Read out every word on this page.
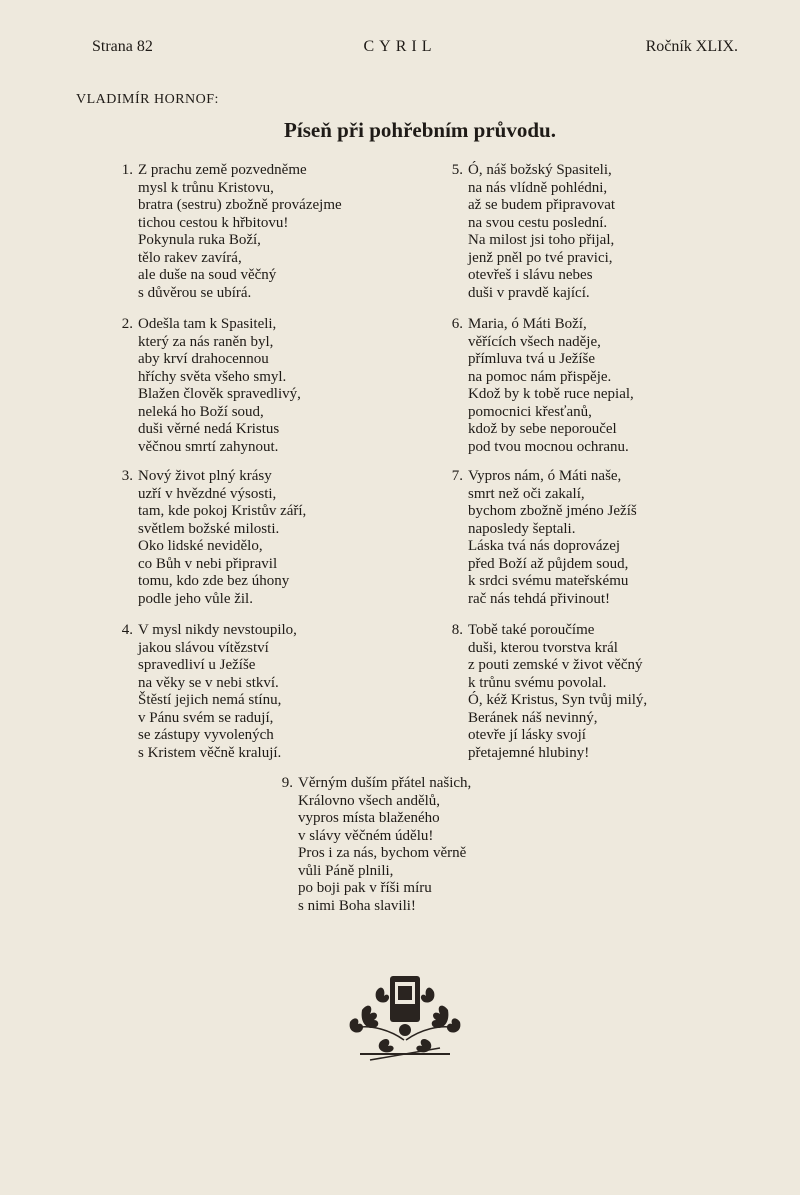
Strana 82	CYRIL	Ročník XLIX.
VLADIMÍR HORNOF:
Píseň při pohřebním průvodu.
1. Z prachu země pozvedněme
mysl k trůnu Kristovu,
bratra (sestru) zbožně provázejme
tichou cestou k hřbitovu!
Pokynula ruka Boží,
tělo rakev zavírá,
ale duše na soud věčný
s důvěrou se ubírá.
2. Odešla tam k Spasiteli,
který za nás raněn byl,
aby krví drahocennou
hříchy světa všeho smyl.
Blažen člověk spravedlivý,
neleká ho Boží soud,
duši věrné nedá Kristus
věčnou smrtí zahynout.
3. Nový život plný krásy
uzří v hvězdné výsosti,
tam, kde pokoj Kristův září,
světlem božské milosti.
Oko lidské nevidělo,
co Bůh v nebi připravil
tomu, kdo zde bez úhony
podle jeho vůle žil.
4. V mysl nikdy nevstoupilo,
jakou slávou vítězství
spravedliví u Ježíše
na věky se v nebi stkví.
Štěstí jejich nemá stínu,
v Pánu svém se radují,
se zástupy vyvolených
s Kristem věčně kralují.
5. Ó, náš božský Spasiteli,
na nás vlídně pohlédni,
až se budem připravovat
na svou cestu poslední.
Na milost jsi toho přijal,
jenž pněl po tvé pravici,
otevřeš i slávu nebes
duši v pravdě kající.
6. Maria, ó Máti Boží,
věřících všech naděje,
přímluva tvá u Ježíše
na pomoc nám přispěje.
Kdož by k tobě ruce nepial,
pomocnici křesťanů,
kdož by sebe neporoučel
pod tvou mocnou ochranu.
7. Vypros nám, ó Máti naše,
smrt než oči zakalí,
bychom zbožně jméno Ježíš
naposledy šeptali.
Láska tvá nás doprovázej
před Boží až půjdem soud,
k srdci svému mateřskému
rač nás tehdá přivinout!
8. Tobě také poroučíme
duši, kterou tvorstva král
z pouti zemské v život věčný
k trůnu svému povolal.
Ó, kéž Kristus, Syn tvůj milý,
Beránek náš nevinný,
otevře jí lásky svojí
přetajemné hlubiny!
9. Věrným duším přátel našich,
Královno všech andělů,
vypros místa blaženého
v slávy věčném údělu!
Pros i za nás, bychom věrně
vůli Páně plnili,
po boji pak v říši míru
s nimi Boha slavili!
